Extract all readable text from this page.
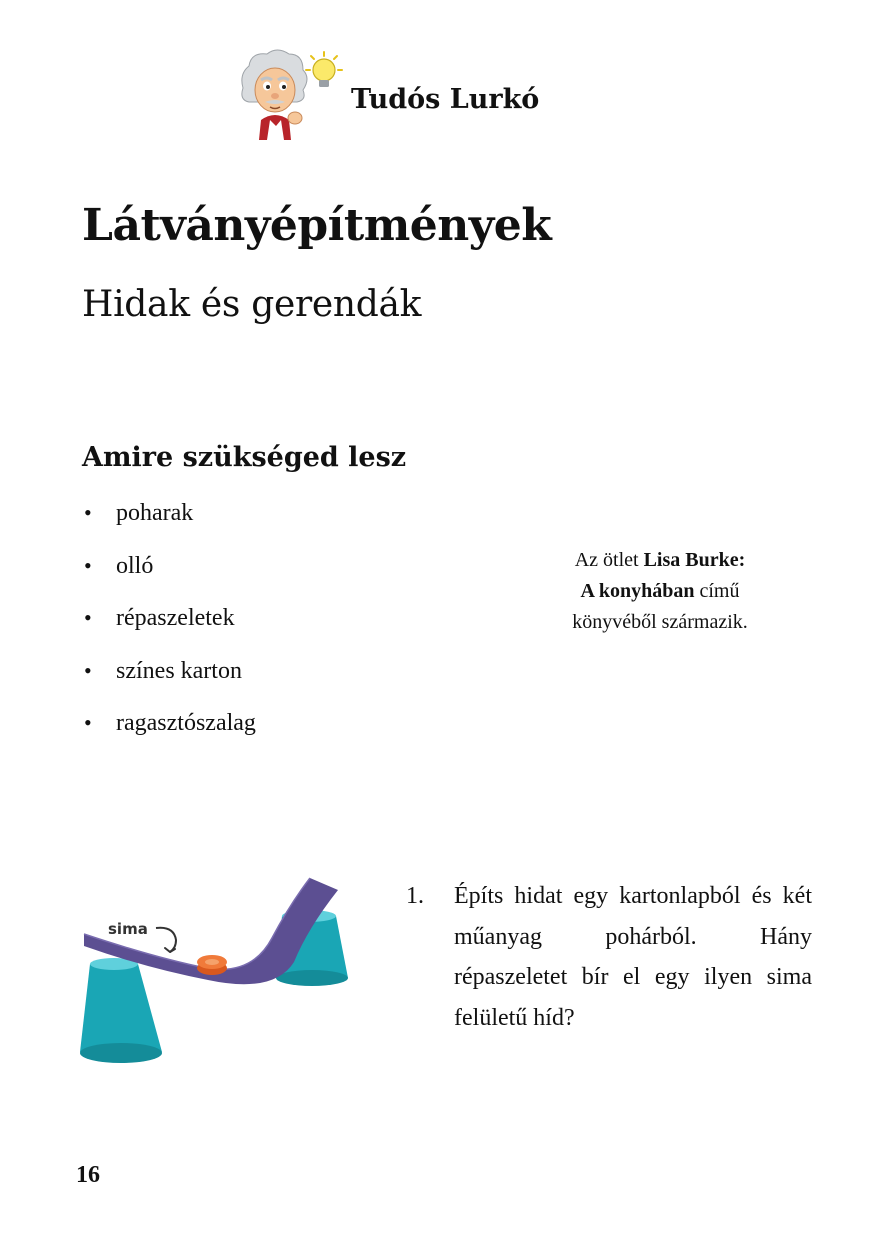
Tudós Lurkó
Látványépítmények
Hidak és gerendák
Amire szükséged lesz
• poharak
• olló
• répaszeletek
• színes karton
• ragasztószalag
Az ötlet Lisa Burke:
A konyhában című
könyvéből származik.
sima
1. Építs hidat egy kartonlapból és két műanyag pohárból. Hány répaszeletet bír el egy ilyen sima felületű híd?
16
